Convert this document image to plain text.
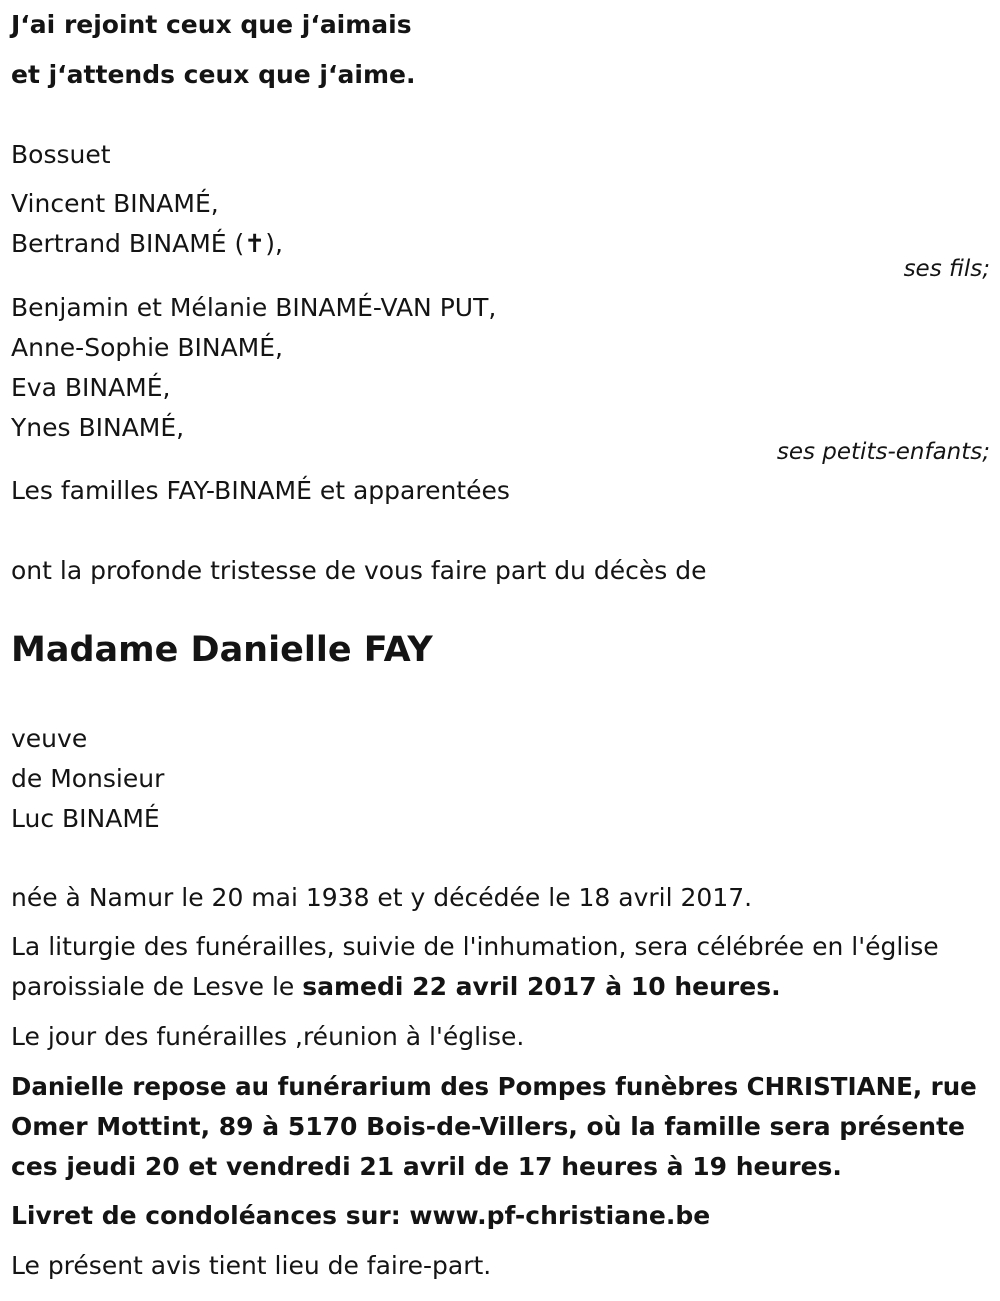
J‘ai rejoint ceux que j‘aimais
et j‘attends ceux que j‘aime.
Bossuet
Vincent BINAMÉ,
Bertrand BINAMÉ (✝),
ses fils;
Benjamin et Mélanie BINAMÉ-VAN PUT,
Anne-Sophie BINAMÉ,
Eva BINAMÉ,
Ynes BINAMÉ,
ses petits-enfants;
Les familles FAY-BINAMÉ et apparentées
ont la profonde tristesse de vous faire part du décès de
Madame Danielle FAY
veuve
de Monsieur
Luc BINAMÉ
née à Namur le 20 mai 1938 et y décédée le 18 avril 2017.
La liturgie des funérailles, suivie de l'inhumation, sera célébrée en l'église
paroissiale de Lesve le samedi 22 avril 2017 à 10 heures.
Le jour des funérailles ,réunion à l'église.
Danielle repose au funérarium des Pompes funèbres CHRISTIANE, rue
Omer Mottint, 89 à 5170 Bois-de-Villers, où la famille sera présente
ces jeudi 20 et vendredi 21 avril de 17 heures à 19 heures.
Livret de condoléances sur: www.pf-christiane.be
Le présent avis tient lieu de faire-part.
